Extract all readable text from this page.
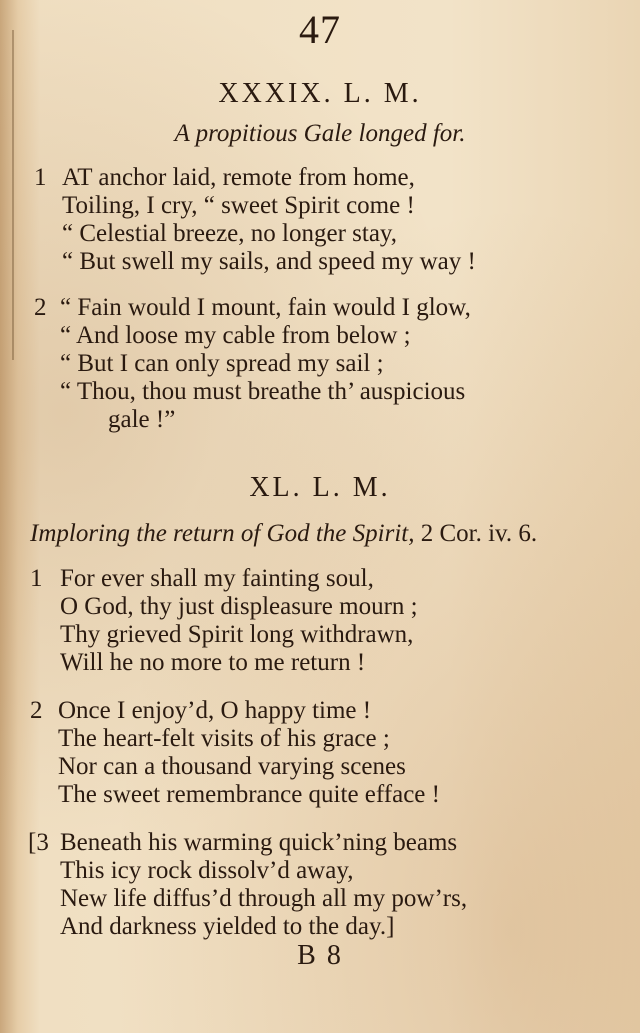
47
XXXIX. L. M.
A propitious Gale longed for.
1 AT anchor laid, remote from home,
Toiling, I cry, “ sweet Spirit come !
“ Celestial breeze, no longer stay,
“ But swell my sails, and speed my way !
2 “ Fain would I mount, fain would I glow,
“ And loose my cable from below ;
“ But I can only spread my sail ;
“ Thou, thou must breathe th’ auspicious
gale !”
XL. L. M.
Imploring the return of God the Spirit, 2 Cor. iv. 6.
1 For ever shall my fainting soul,
O God, thy just displeasure mourn ;
Thy grieved Spirit long withdrawn,
Will he no more to me return !
2 Once I enjoy’d, O happy time !
The heart-felt visits of his grace ;
Nor can a thousand varying scenes
The sweet remembrance quite efface !
[3 Beneath his warming quick’ning beams
This icy rock dissolv’d away,
New life diffus’d through all my pow’rs,
And darkness yielded to the day.]
B 8
